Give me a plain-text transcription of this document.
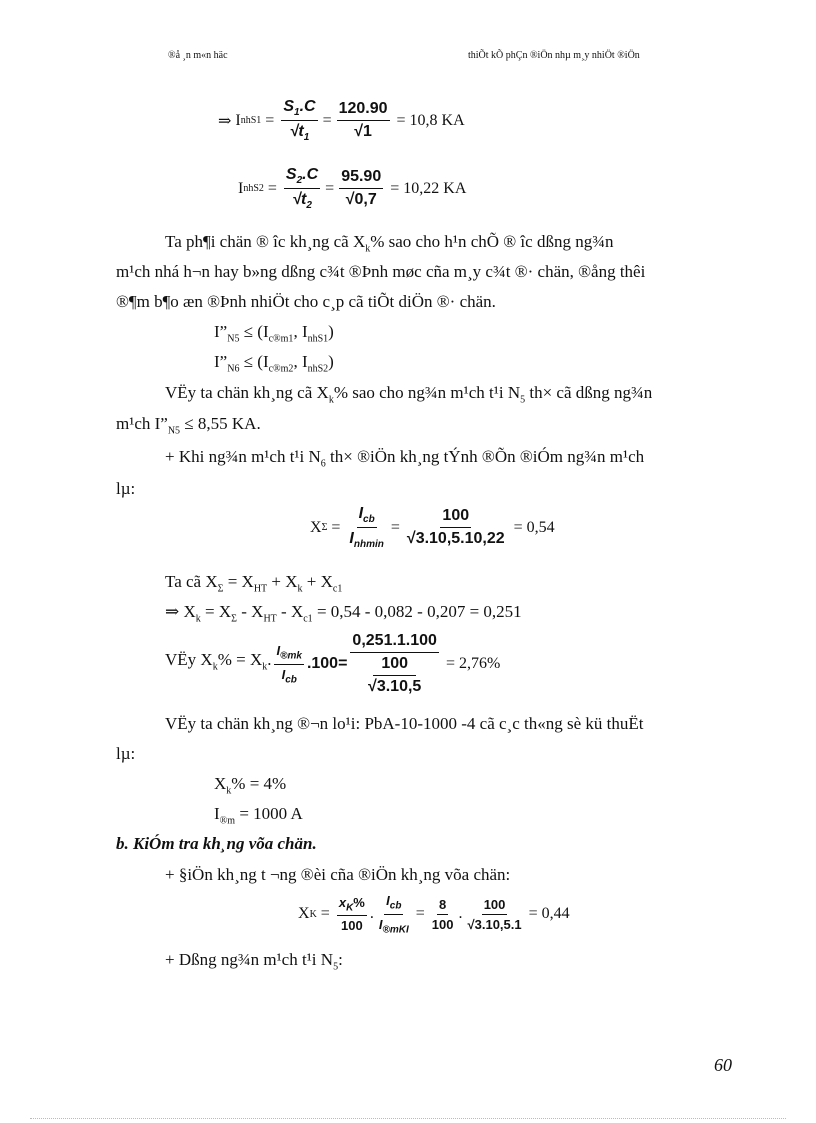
®å ¸n m«n häc	thiÕt kÕ phÇn ®iÖn nhµ m¸y nhiÖt ®iÖn
⇒ I $nhS1 = \frac{S_1.C}{√t_1} = \frac{120.90}{√1} = 10,8$ KA
I $nhS2 = \frac{S_2.C}{√t_2} = \frac{95.90}{√0,7} = 10,22$ KA
Ta ph¶i chän ® îc kh¸ng cã $X_k\%$ sao cho h¹n chÕ ® îc dßng ng¾n
m¹ch nhá h¬n hay b»ng dßng c¾t ®Þnh møc cña m¸y c¾t ®· chän, ®ång thêi
®¶m b¶o æn ®Þnh nhiÖt cho c¸p cã tiÕt diÖn ®· chän.
$I”_{N5} \le (I_{c®m1}$, $I_{nhS1}$)
$I”_{N6} \le (I_{c®m2}$, $I_{nhS2}$)
VËy ta chän kh¸ng cã $X_k\%$ sao cho ng¾n m¹ch t¹i $N_5$ th× cã dßng ng¾n
m¹ch $I”_{N5} \le 8,55$ KA.
+ Khi ng¾n m¹ch t¹i $N_6$ th× ®iÖn kh¸ng tÝnh ®Õn ®iÓm ng¾n m¹ch
lµ:
X $\Sigma = \frac{I_{cb}}{I_{nhmin}} = \frac{100}{√3.10,5.10,22} = 0,54$
Ta cã $X_\Sigma = X_{HT} + X_k + X_{c1}$
⇒ $X_k = X_\Sigma - X_{HT} - X_{c1} = 0,54 - 0,082 - 0,207 = 0,251$
VËy $X_k\% = X_k$. $\frac{I_{®mk}}{I_{cb}} .100= 0,251.1.100$
100
√3.10,5 = 2,76%
VËy ta chän kh¸ng ®¬n lo¹i: PbA-10-1000 -4 cã c¸c th«ng sè kü thuËt
lµ:
$X_k\% = 4\%$
$I_{®m} = 1000$ A
b. KiÓm tra kh¸ng võa chän.
+ §iÖn kh¸ng t ¬ng ®èi cña ®iÖn kh¸ng võa chän:
X $K = \frac{x_K\%}{100}$ . $\frac{I_{cb}}{I_{®mKI}} = \frac{8}{100}$ . $\frac{100}{√3.10,5.1} = 0,44$
+ Dßng ng¾n m¹ch t¹i $N_5$:
60
